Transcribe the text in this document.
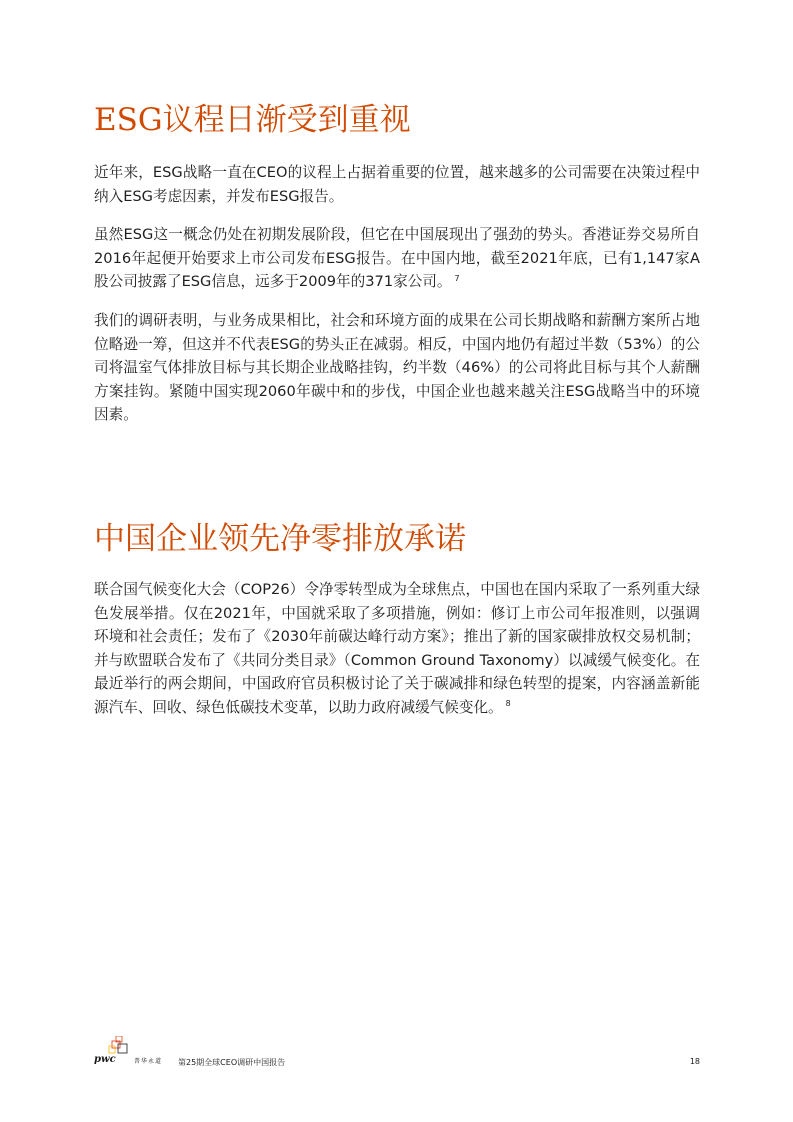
ESG议程日渐受到重视

近年来，ESG战略一直在CEO的议程上占据着重要的位置，越来越多的公司需要在决策过程中纳入ESG考虑因素，并发布ESG报告。

虽然ESG这一概念仍处在初期发展阶段，但它在中国展现出了强劲的势头。香港证券交易所自2016年起便开始要求上市公司发布ESG报告。在中国内地，截至2021年底，已有1,147家A股公司披露了ESG信息，远多于2009年的371家公司。 $^7$

我们的调研表明，与业务成果相比，社会和环境方面的成果在公司长期战略和薪酬方案所占地位略逊一筹，但这并不代表ESG的势头正在减弱。相反，中国内地仍有超过半数（53%）的公司将温室气体排放目标与其长期企业战略挂钩，约半数（46%）的公司将此目标与其个人薪酬方案挂钩。紧随中国实现2060年碳中和的步伐，中国企业也越来越关注ESG战略当中的环境因素。

中国企业领先净零排放承诺

联合国气候变化大会（COP26）令净零转型成为全球焦点，中国也在国内采取了一系列重大绿色发展举措。仅在2021年，中国就采取了多项措施，例如：修订上市公司年报准则，以强调环境和社会责任；发布了《2030年前碳达峰行动方案》；推出了新的国家碳排放权交易机制；并与欧盟联合发布了《共同分类目录》（Common Ground Taxonomy）以减缓气候变化。在最近举行的两会期间，中国政府官员积极讨论了关于碳减排和绿色转型的提案，内容涵盖新能源汽车、回收、绿色低碳技术变革，以助力政府减缓气候变化。 $^8$

pwc	普华永道 第25期全球CEO调研中国报告	18
